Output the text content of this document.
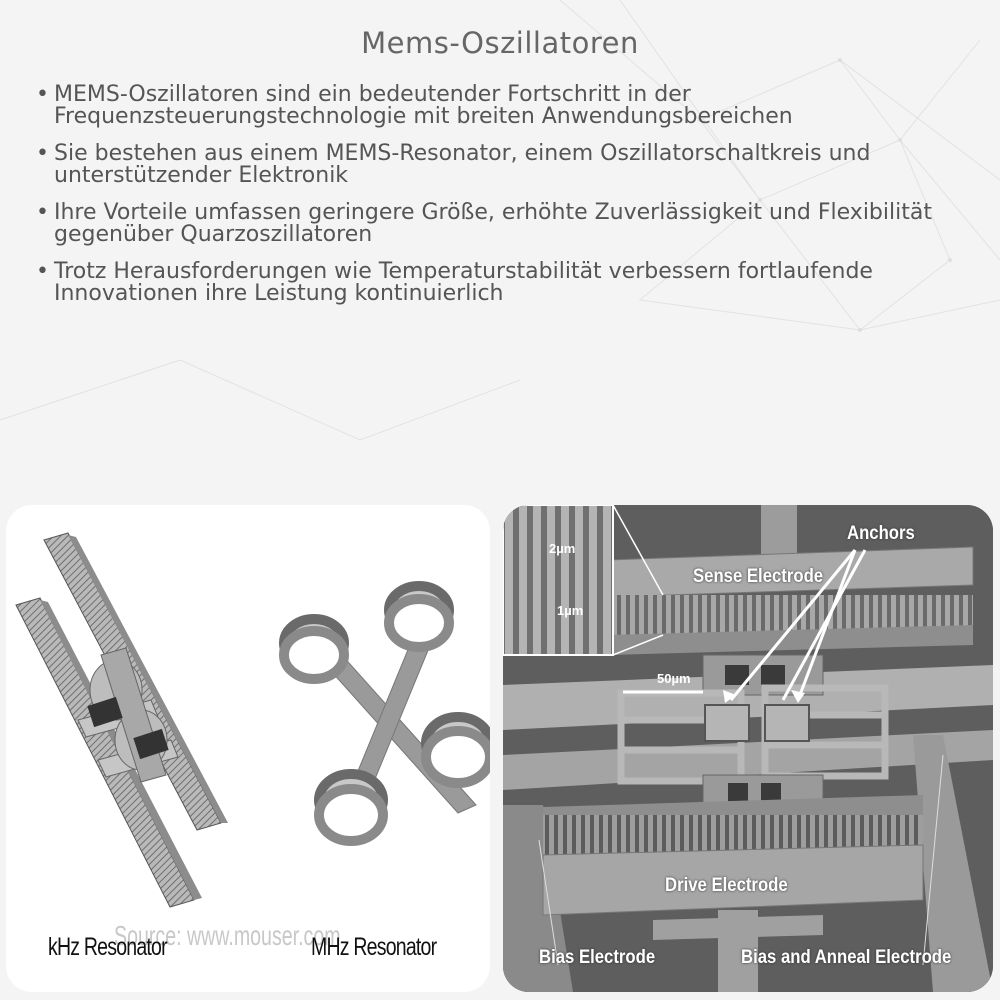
Mems-Oszillatoren
• MEMS-Oszillatoren sind ein bedeutender Fortschritt in der Frequenzsteuerungstechnologie mit breiten Anwendungsbereichen
• Sie bestehen aus einem MEMS-Resonator, einem Oszillatorschaltkreis und unterstützender Elektronik
• Ihre Vorteile umfassen geringere Größe, erhöhte Zuverlässigkeit und Flexibilität gegenüber Quarzoszillatoren
• Trotz Herausforderungen wie Temperaturstabilität verbessern fortlaufende Innovationen ihre Leistung kontinuierlich
Source: www.mouser.com
kHz Resonator	MHz Resonator
Anchors
Sense Electrode
Drive Electrode
Bias Electrode	Bias and Anneal Electrode
2µm
1µm
50µm
